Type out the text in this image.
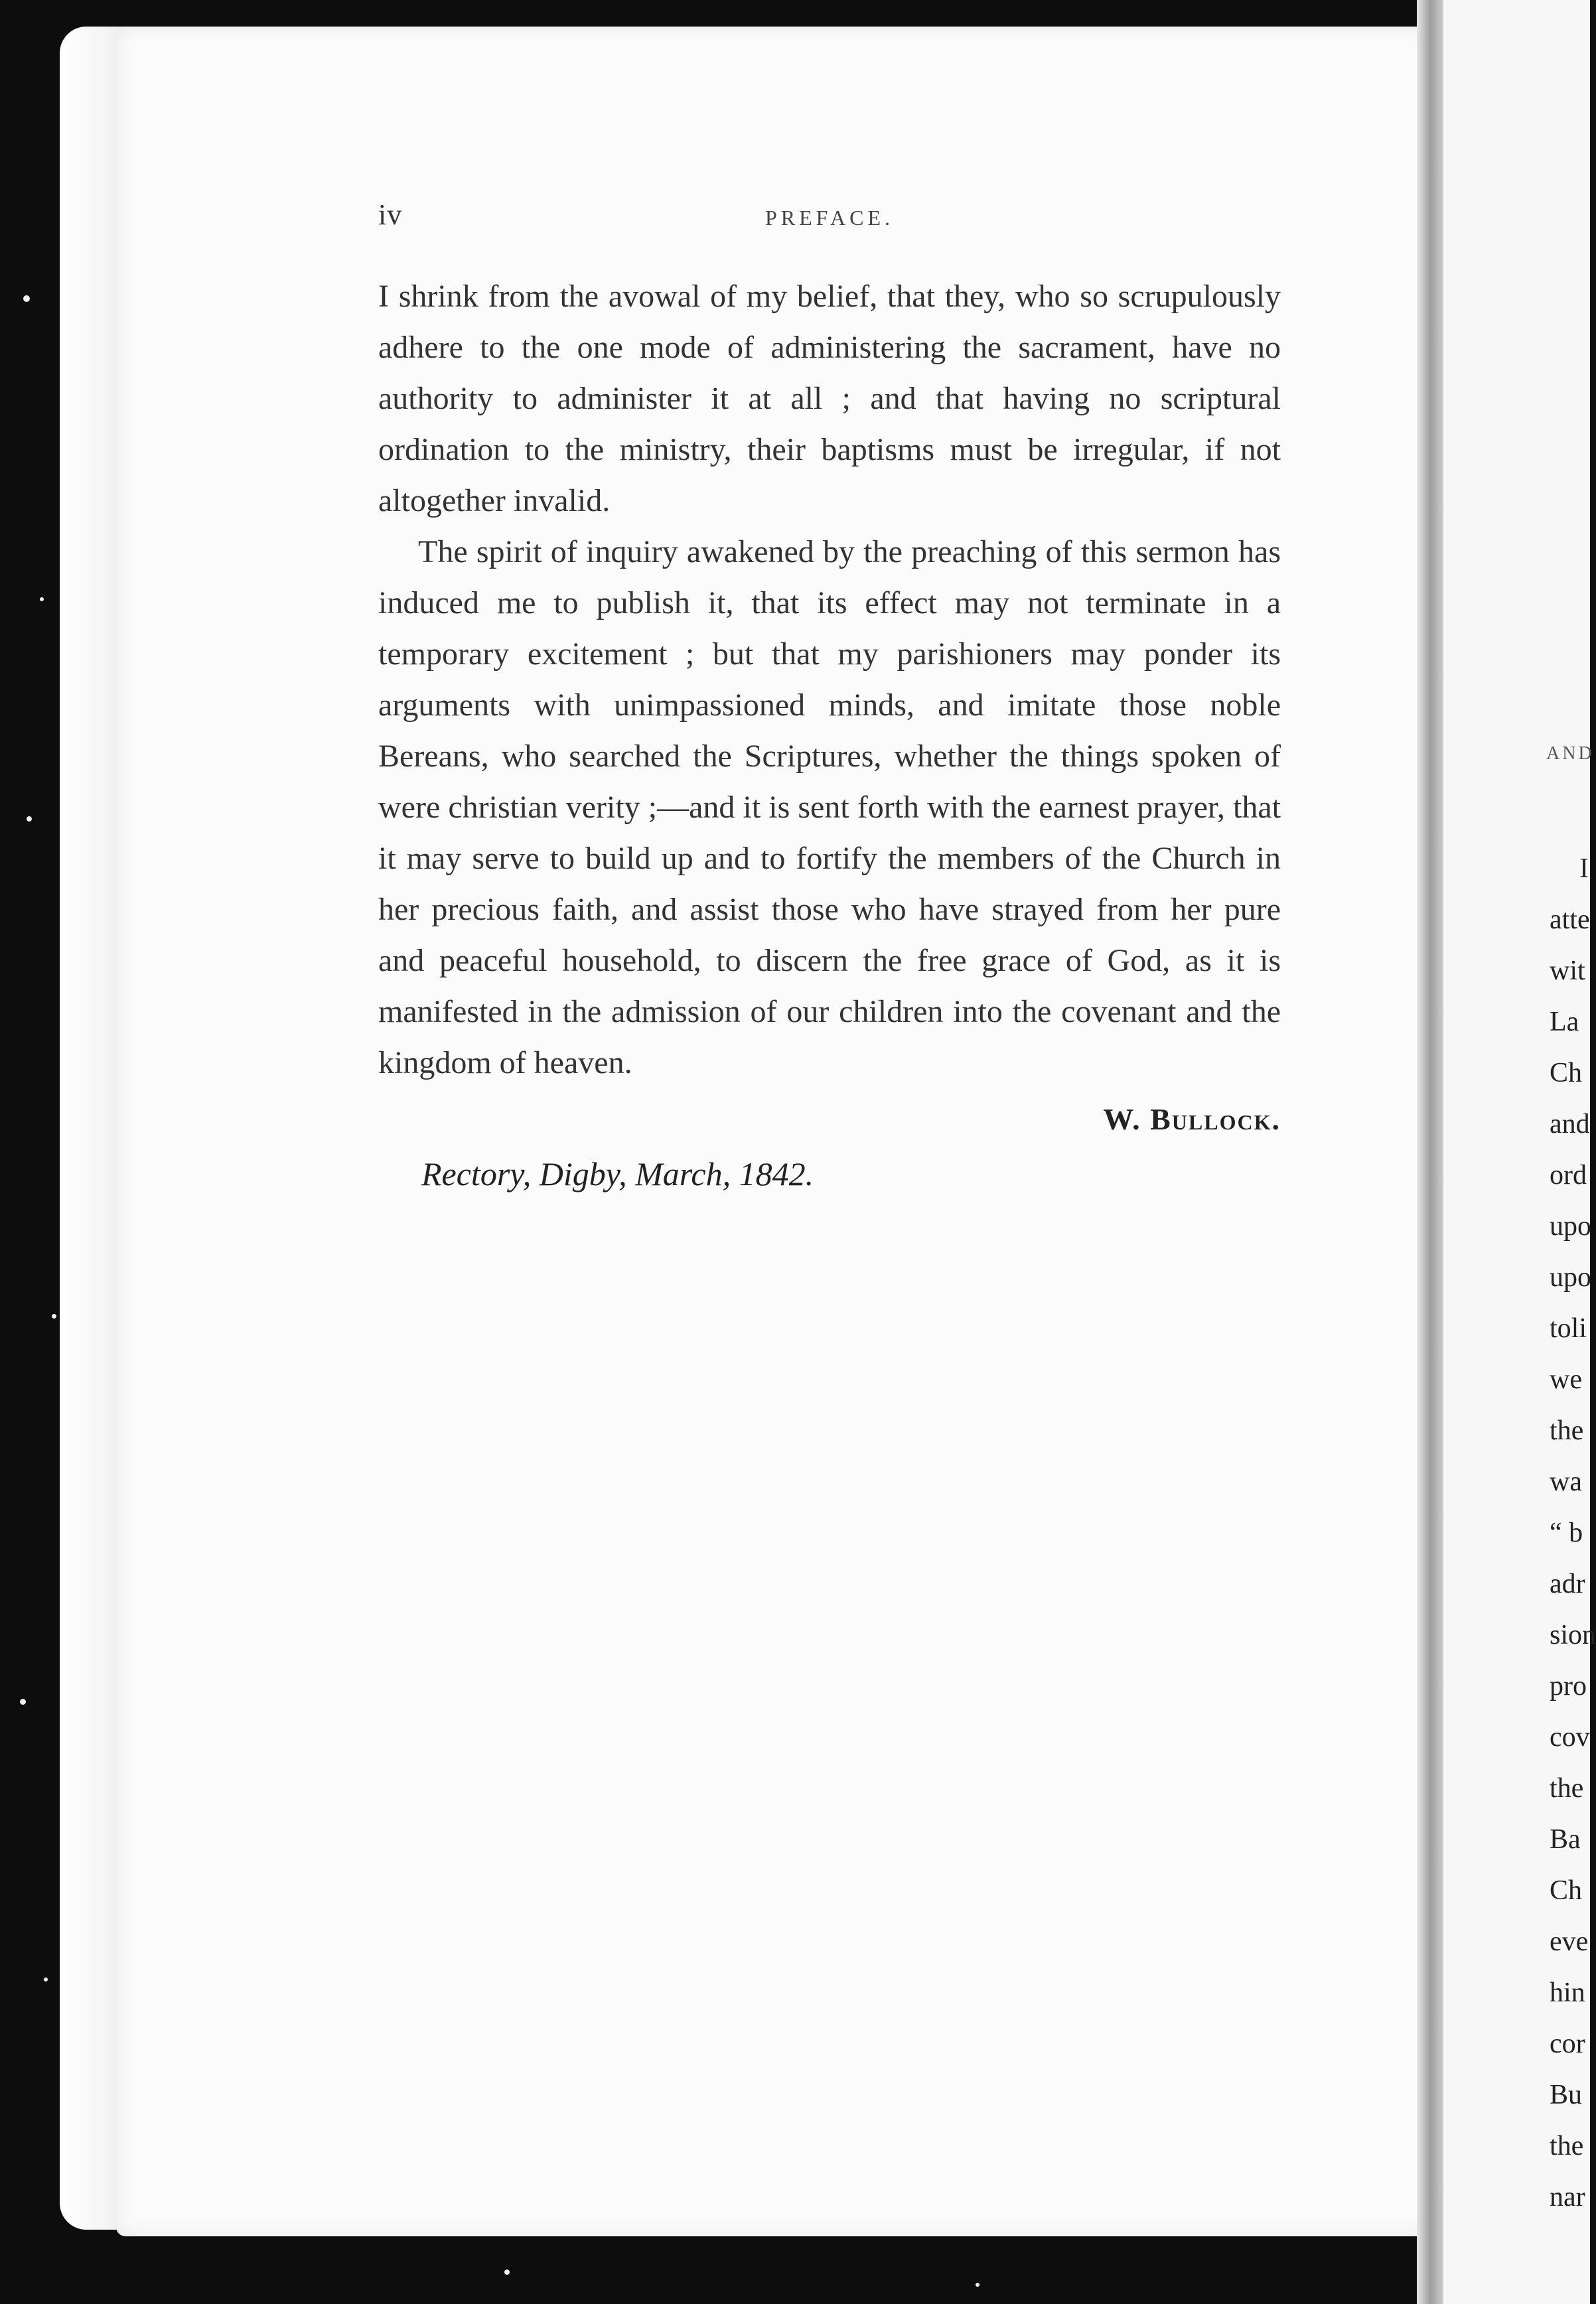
iv	PREFACE.

I shrink from the avowal of my belief, that they, who so scrupulously adhere to the one mode of administering the sacrament, have no authority to administer it at all ; and that having no scriptural ordination to the ministry, their baptisms must be irregular, if not altogether invalid.

The spirit of inquiry awakened by the preaching of this sermon has induced me to publish it, that its effect may not terminate in a temporary excitement ; but that my parishioners may ponder its arguments with unimpassioned minds, and imitate those noble Bereans, who searched the Scriptures, whether the things spoken of were christian verity ;—and it is sent forth with the earnest prayer, that it may serve to build up and to fortify the members of the Church in her precious faith, and assist those who have strayed from her pure and peaceful household, to discern the free grace of God, as it is manifested in the admission of our children into the covenant and the kingdom of heaven.

W. Bullock.
Rectory, Digby, March, 1842.
AND
I
atte
wit
La
Ch
and
ord
upo
upo
toli
we
the
wa
“ b
adr
sion
pro
cov
the
Ba
Ch
eve
hin
cor
Bu
the
nar
